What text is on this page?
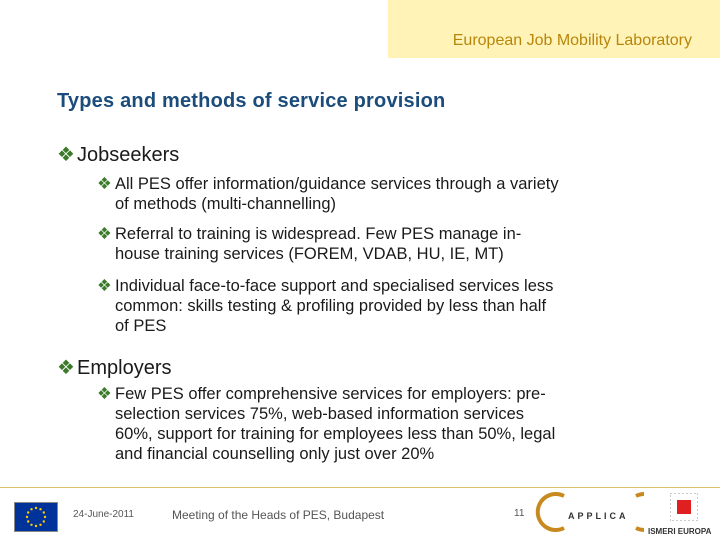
European Job Mobility Laboratory
Types and methods of service provision
❖ Jobseekers
❖ All PES offer information/guidance services through a variety
of methods (multi-channelling)
❖ Referral to training is widespread. Few PES manage in-
house training services (FOREM, VDAB, HU, IE, MT)
❖ Individual face-to-face support and specialised services less
common: skills testing & profiling provided by less than half
of PES
❖ Employers
❖ Few PES offer comprehensive services for employers: pre-
selection services 75%, web-based information services
60%, support for training for employees less than 50%, legal
and financial counselling only just over 20%
24-June-2011	Meeting of the Heads of PES, Budapest	11	APPLICA
ISMERI EUROPA
